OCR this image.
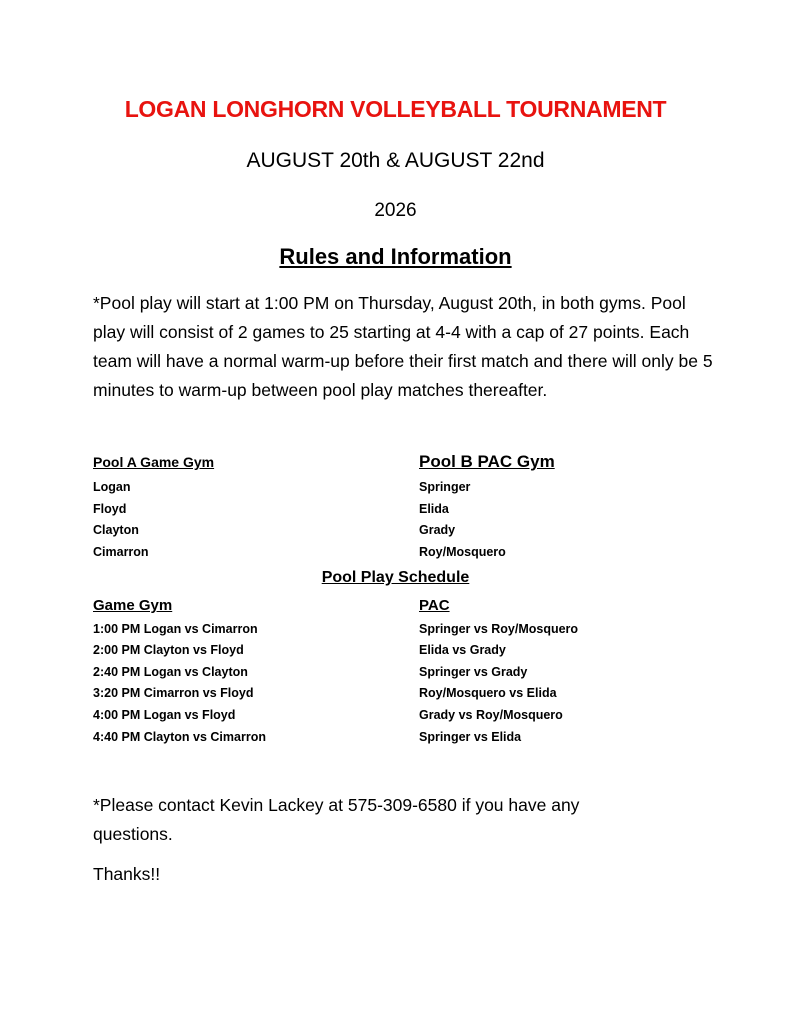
LOGAN LONGHORN VOLLEYBALL TOURNAMENT
AUGUST 20th & AUGUST 22nd
2026
Rules and Information
*Pool play will start at 1:00 PM on Thursday, August 20th, in both gyms. Pool play will consist of 2 games to 25 starting at 4-4 with a cap of 27 points. Each team will have a normal warm-up before their first match and there will only be 5 minutes to warm-up between pool play matches thereafter.
Pool A Game Gym	Pool B PAC Gym
Logan
Floyd
Clayton
Cimarron
Springer
Elida
Grady
Roy/Mosquero
Pool Play Schedule
Game Gym	PAC
1:00 PM Logan vs Cimarron
2:00 PM Clayton vs Floyd
2:40 PM Logan vs Clayton
3:20 PM Cimarron vs Floyd
4:00 PM Logan vs Floyd
4:40 PM Clayton vs Cimarron
Springer vs Roy/Mosquero
Elida vs Grady
Springer vs Grady
Roy/Mosquero vs Elida
Grady vs Roy/Mosquero
Springer vs Elida
*Please contact Kevin Lackey at 575-309-6580 if you have any questions.
Thanks!!
